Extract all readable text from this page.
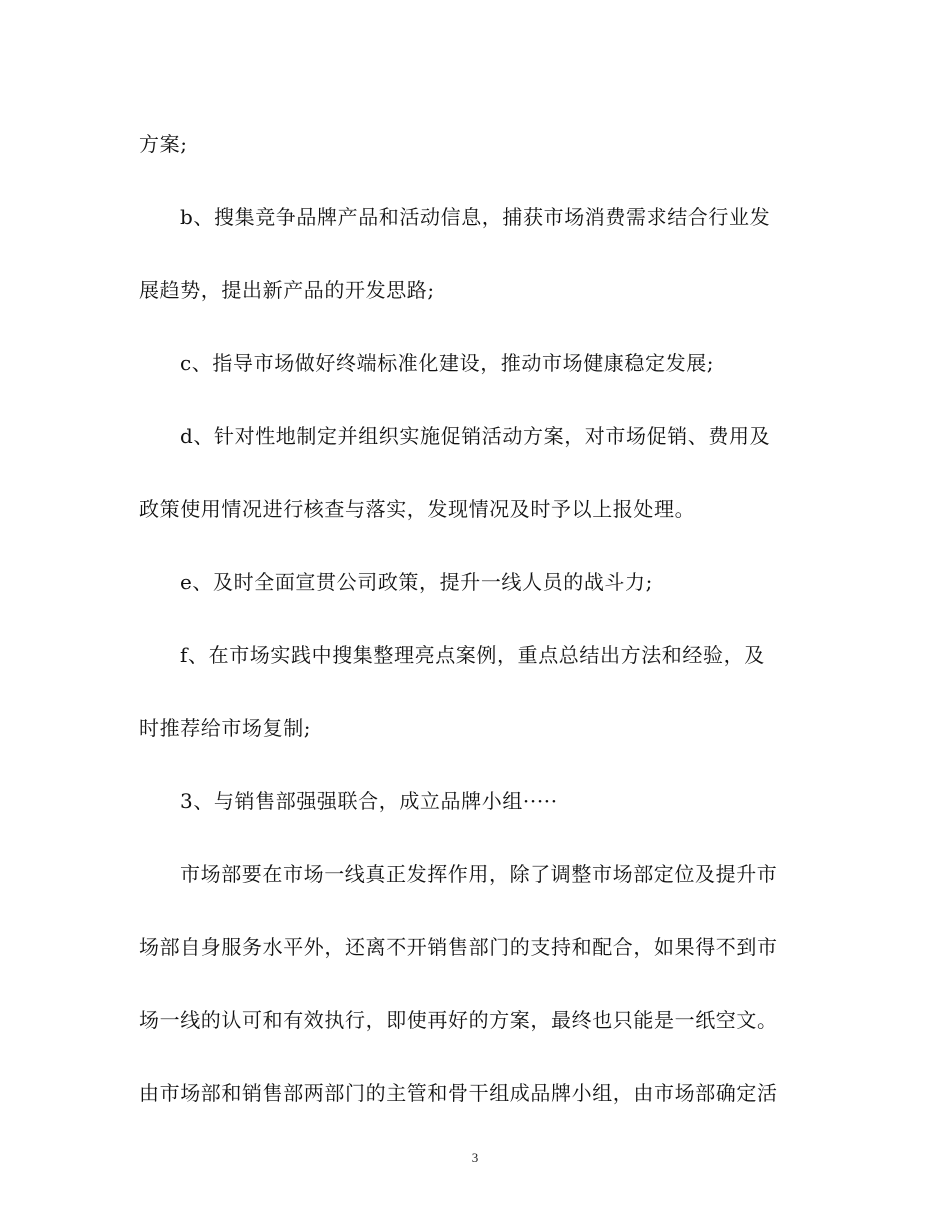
方案;
b、搜集竞争品牌产品和活动信息，捕获市场消费需求结合行业发
展趋势，提出新产品的开发思路;
c、指导市场做好终端标准化建设，推动市场健康稳定发展;
d、针对性地制定并组织实施促销活动方案，对市场促销、费用及
政策使用情况进行核查与落实，发现情况及时予以上报处理。
e、及时全面宣贯公司政策，提升一线人员的战斗力;
f、在市场实践中搜集整理亮点案例，重点总结出方法和经验，及
时推荐给市场复制;
3、与销售部强强联合，成立品牌小组·····
市场部要在市场一线真正发挥作用，除了调整市场部定位及提升市
场部自身服务水平外，还离不开销售部门的支持和配合，如果得不到市
场一线的认可和有效执行，即使再好的方案，最终也只能是一纸空文。
由市场部和销售部两部门的主管和骨干组成品牌小组，由市场部确定活
3
